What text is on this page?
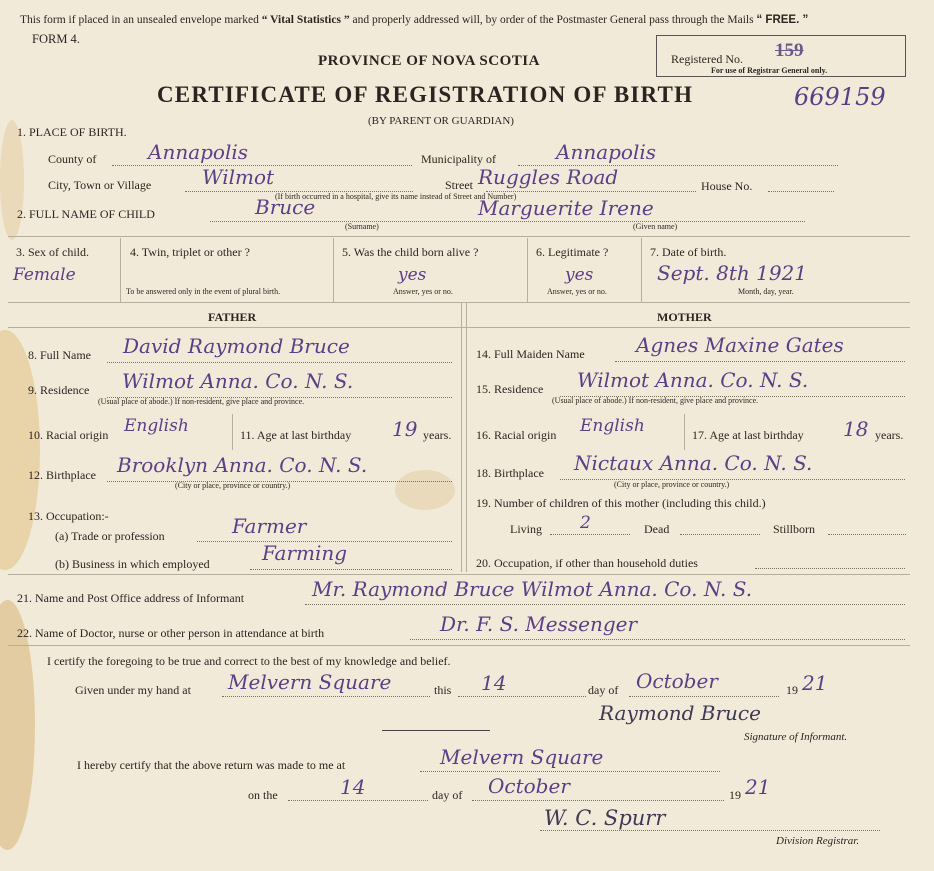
This form if placed in an unsealed envelope marked “ Vital Statistics ” and properly addressed will, by order of the Postmaster General pass through the Mails “ FREE. ”
FORM 4.
PROVINCE OF NOVA SCOTIA
CERTIFICATE OF REGISTRATION OF BIRTH
(BY PARENT OR GUARDIAN)
Registered No. 159
For use of Registrar General only.
669159
1. PLACE OF BIRTH.
County of	Annapolis	Municipality of	Annapolis
City, Town or Village	Wilmot	Street Ruggles Road	House No.
(If birth occurred in a hospital, give its name instead of Street and Number)
2. FULL NAME OF CHILD	Bruce	Marguerite Irene
(Surname)	(Given name)
3. Sex of child.
Female
4. Twin, triplet or other ?
To be answered only in the event of plural birth.
5. Was the child born alive ?
yes
Answer, yes or no.
6. Legitimate ?
yes
Answer, yes or no.
7. Date of birth.
Sept. 8th 1921
Month, day, year.
FATHER	MOTHER
8. Full Name David Raymond Bruce
9. Residence Wilmot Anna. Co. N. S.
(Usual place of abode.) If non-resident, give place and province.
10. Racial origin English	11. Age at last birthday 19 years.
12. Birthplace Brooklyn Anna. Co. N. S.
(City or place, province or country.)
13. Occupation:-
(a) Trade or profession	Farmer
(b) Business in which employed	Farming
14. Full Maiden Name	Agnes Maxine Gates
15. Residence Wilmot Anna. Co. N. S.
(Usual place of abode.) If non-resident, give place and province.
16. Racial origin English	17. Age at last birthday 18 years.
18. Birthplace Nictaux Anna. Co. N. S.
(City or place, province or country.)
19. Number of children of this mother (including this child.)
Living 2	Dead	Stillborn
20. Occupation, if other than household duties
21. Name and Post Office address of Informant	Mr. Raymond Bruce Wilmot Anna. Co. N. S.
22. Name of Doctor, nurse or other person in attendance at birth	Dr. F. S. Messenger
I certify the foregoing to be true and correct to the best of my knowledge and belief.
Given under my hand at Melvern Square	this 14	day of October	19 21
Raymond Bruce
Signature of Informant.
I hereby certify that the above return was made to me at	Melvern Square
on the	14	day of October	19 21
W. C. Spurr
Division Registrar.
